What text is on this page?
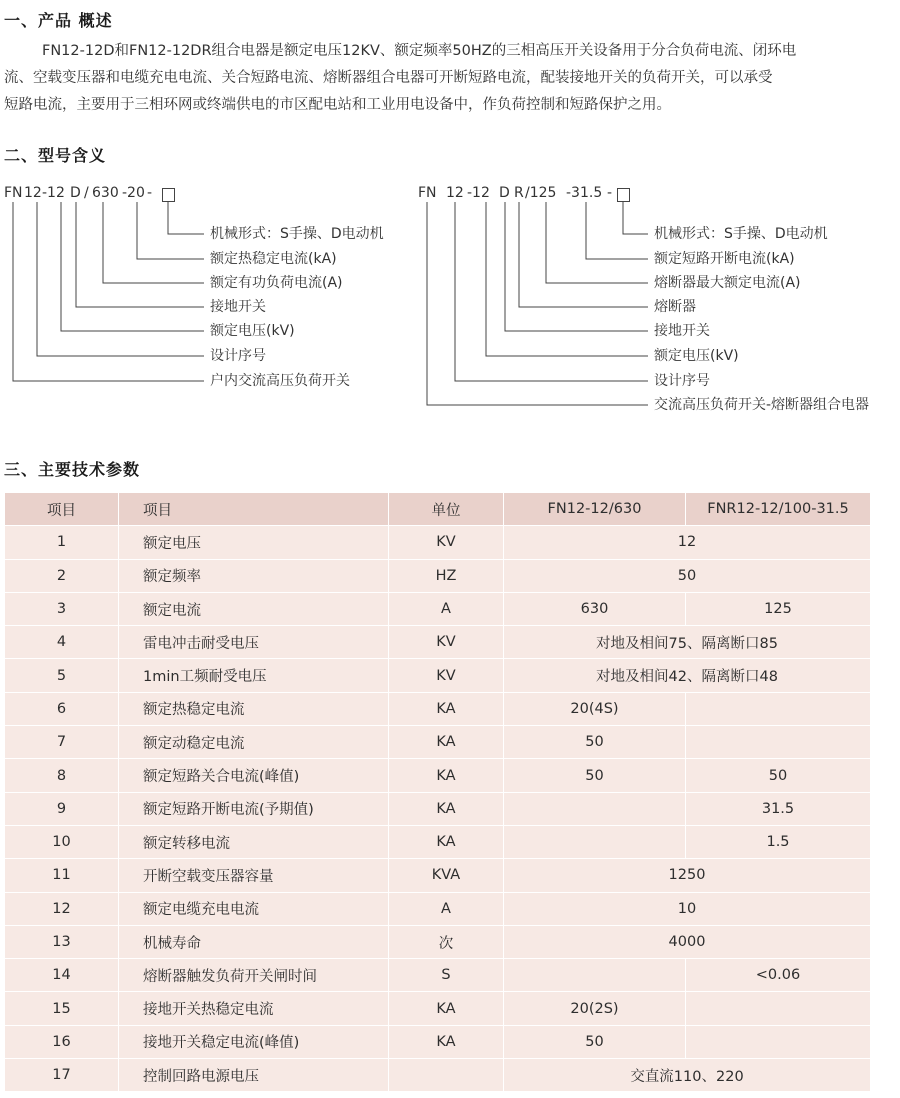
一、产品 概述

FN12-12D和FN12-12DR组合电器是额定电压12KV、额定频率50HZ的三相高压开关设备用于分合负荷电流、闭环电

流、空载变压器和电缆充电电流、关合短路电流、熔断器组合电器可开断短路电流，配装接地开关的负荷开关，可以承受

短路电流，主要用于三相环网或终端供电的市区配电站和工业用电设备中，作负荷控制和短路保护之用。

二、型号含义
FN 12 -12 D / 630 -20 -
机械形式：S手操、D电动机
额定热稳定电流(kA)
额定有功负荷电流(A)
接地开关
额定电压(kV)
设计序号
户内交流高压负荷开关
FN 12 -12 D R /125 -31.5 -
机械形式：S手操、D电动机
额定短路开断电流(kA)
熔断器最大额定电流(A)
熔断器
接地开关
额定电压(kV)
设计序号
交流高压负荷开关-熔断器组合电器
三、主要技术参数
项目	项目	单位	FN12-12/630	FNR12-12/100-31.5
1	额定电压	KV	12	
2	额定频率	HZ	50	
3	额定电流	A	630	125
4	雷电冲击耐受电压	KV	对地及相间75、隔离断口85	
5	1min工频耐受电压	KV	对地及相间42、隔离断口48	
6	额定热稳定电流	KA	20(4S)	
7	额定动稳定电流	KA	50	
8	额定短路关合电流(峰值)	KA	50	50
9	额定短路开断电流(予期值)	KA		31.5
10	额定转移电流	KA		1.5
11	开断空载变压器容量	KVA	1250	
12	额定电缆充电电流	A	10	
13	机械寿命	次	4000	
14	熔断器触发负荷开关闸时间	S		<0.06
15	接地开关热稳定电流	KA	20(2S)	
16	接地开关稳定电流(峰值)	KA	50	
17	控制回路电源电压		交直流110、220	
